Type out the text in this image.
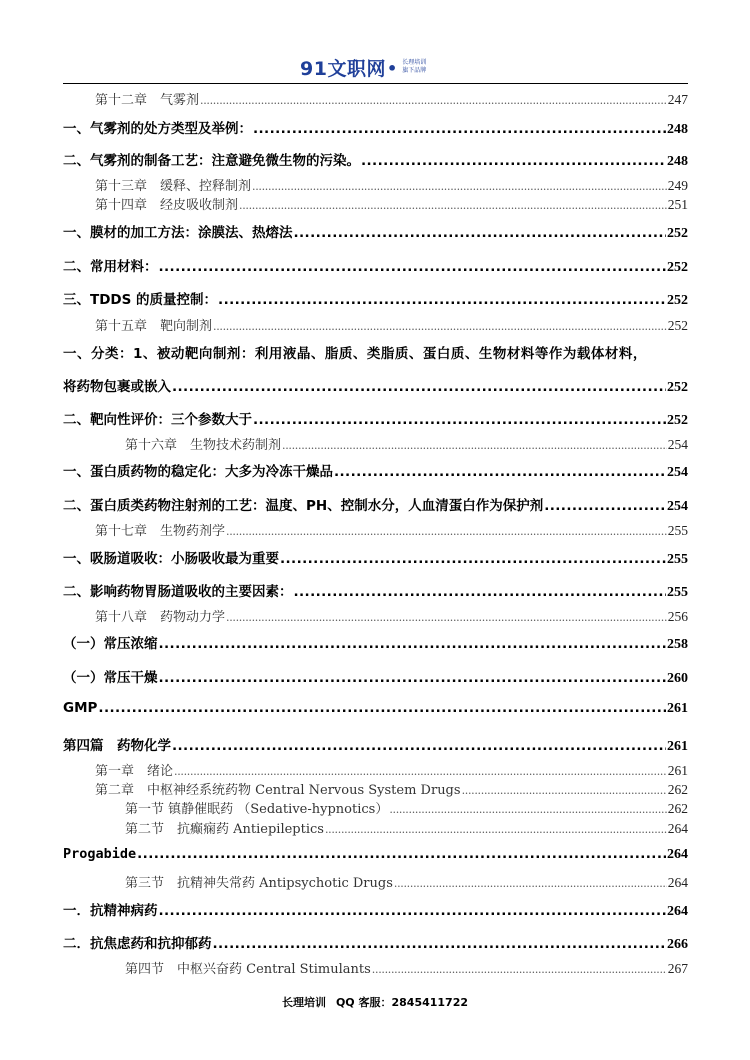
91文职网 • 长理培训
旗下品牌
第十二章　气雾剂 .....	247
一、气雾剂的处方类型及举例： .....	248
二、气雾剂的制备工艺：注意避免微生物的污染。 .....	248
第十三章　缓释、控释制剂 .....	249
第十四章　经皮吸收制剂 .....	251
一、膜材的加工方法：涂膜法、热熔法 .....	252
二、常用材料： .....	252
三、TDDS 的质量控制： .....	252
第十五章　靶向制剂 .....	252
一、分类：1、被动靶向制剂：利用液晶、脂质、类脂质、蛋白质、生物材料等作为载体材料，
将药物包裹或嵌入 .....	252
二、靶向性评价：三个参数大于 .....	252
第十六章　生物技术药制剂 .....	254
一、蛋白质药物的稳定化：大多为冷冻干燥品 .....	254
二、蛋白质类药物注射剂的工艺：温度、PH、控制水分，人血清蛋白作为保护剂 .....	254
第十七章　生物药剂学 .....	255
一、吸肠道吸收：小肠吸收最为重要 .....	255
二、影响药物胃肠道吸收的主要因素： .....	255
第十八章　药物动力学 .....	256
（一）常压浓缩 .....	258
（一）常压干燥 .....	260
GMP .....	261
第四篇　药物化学 .....	261
第一章　绪论 .....	261
第二章　中枢神经系统药物 Central Nervous System Drugs .....	262
第一节 镇静催眠药 （Sedative-hypnotics） .....	262
第二节　抗癫痫药 Antiepileptics .....	264
Progabide .....	264
第三节　抗精神失常药 Antipsychotic Drugs .....	264
一．抗精神病药 .....	264
二．抗焦虑药和抗抑郁药 .....	266
第四节　中枢兴奋药 Central Stimulants .....	267
长理培训 QQ 客服：2845411722
